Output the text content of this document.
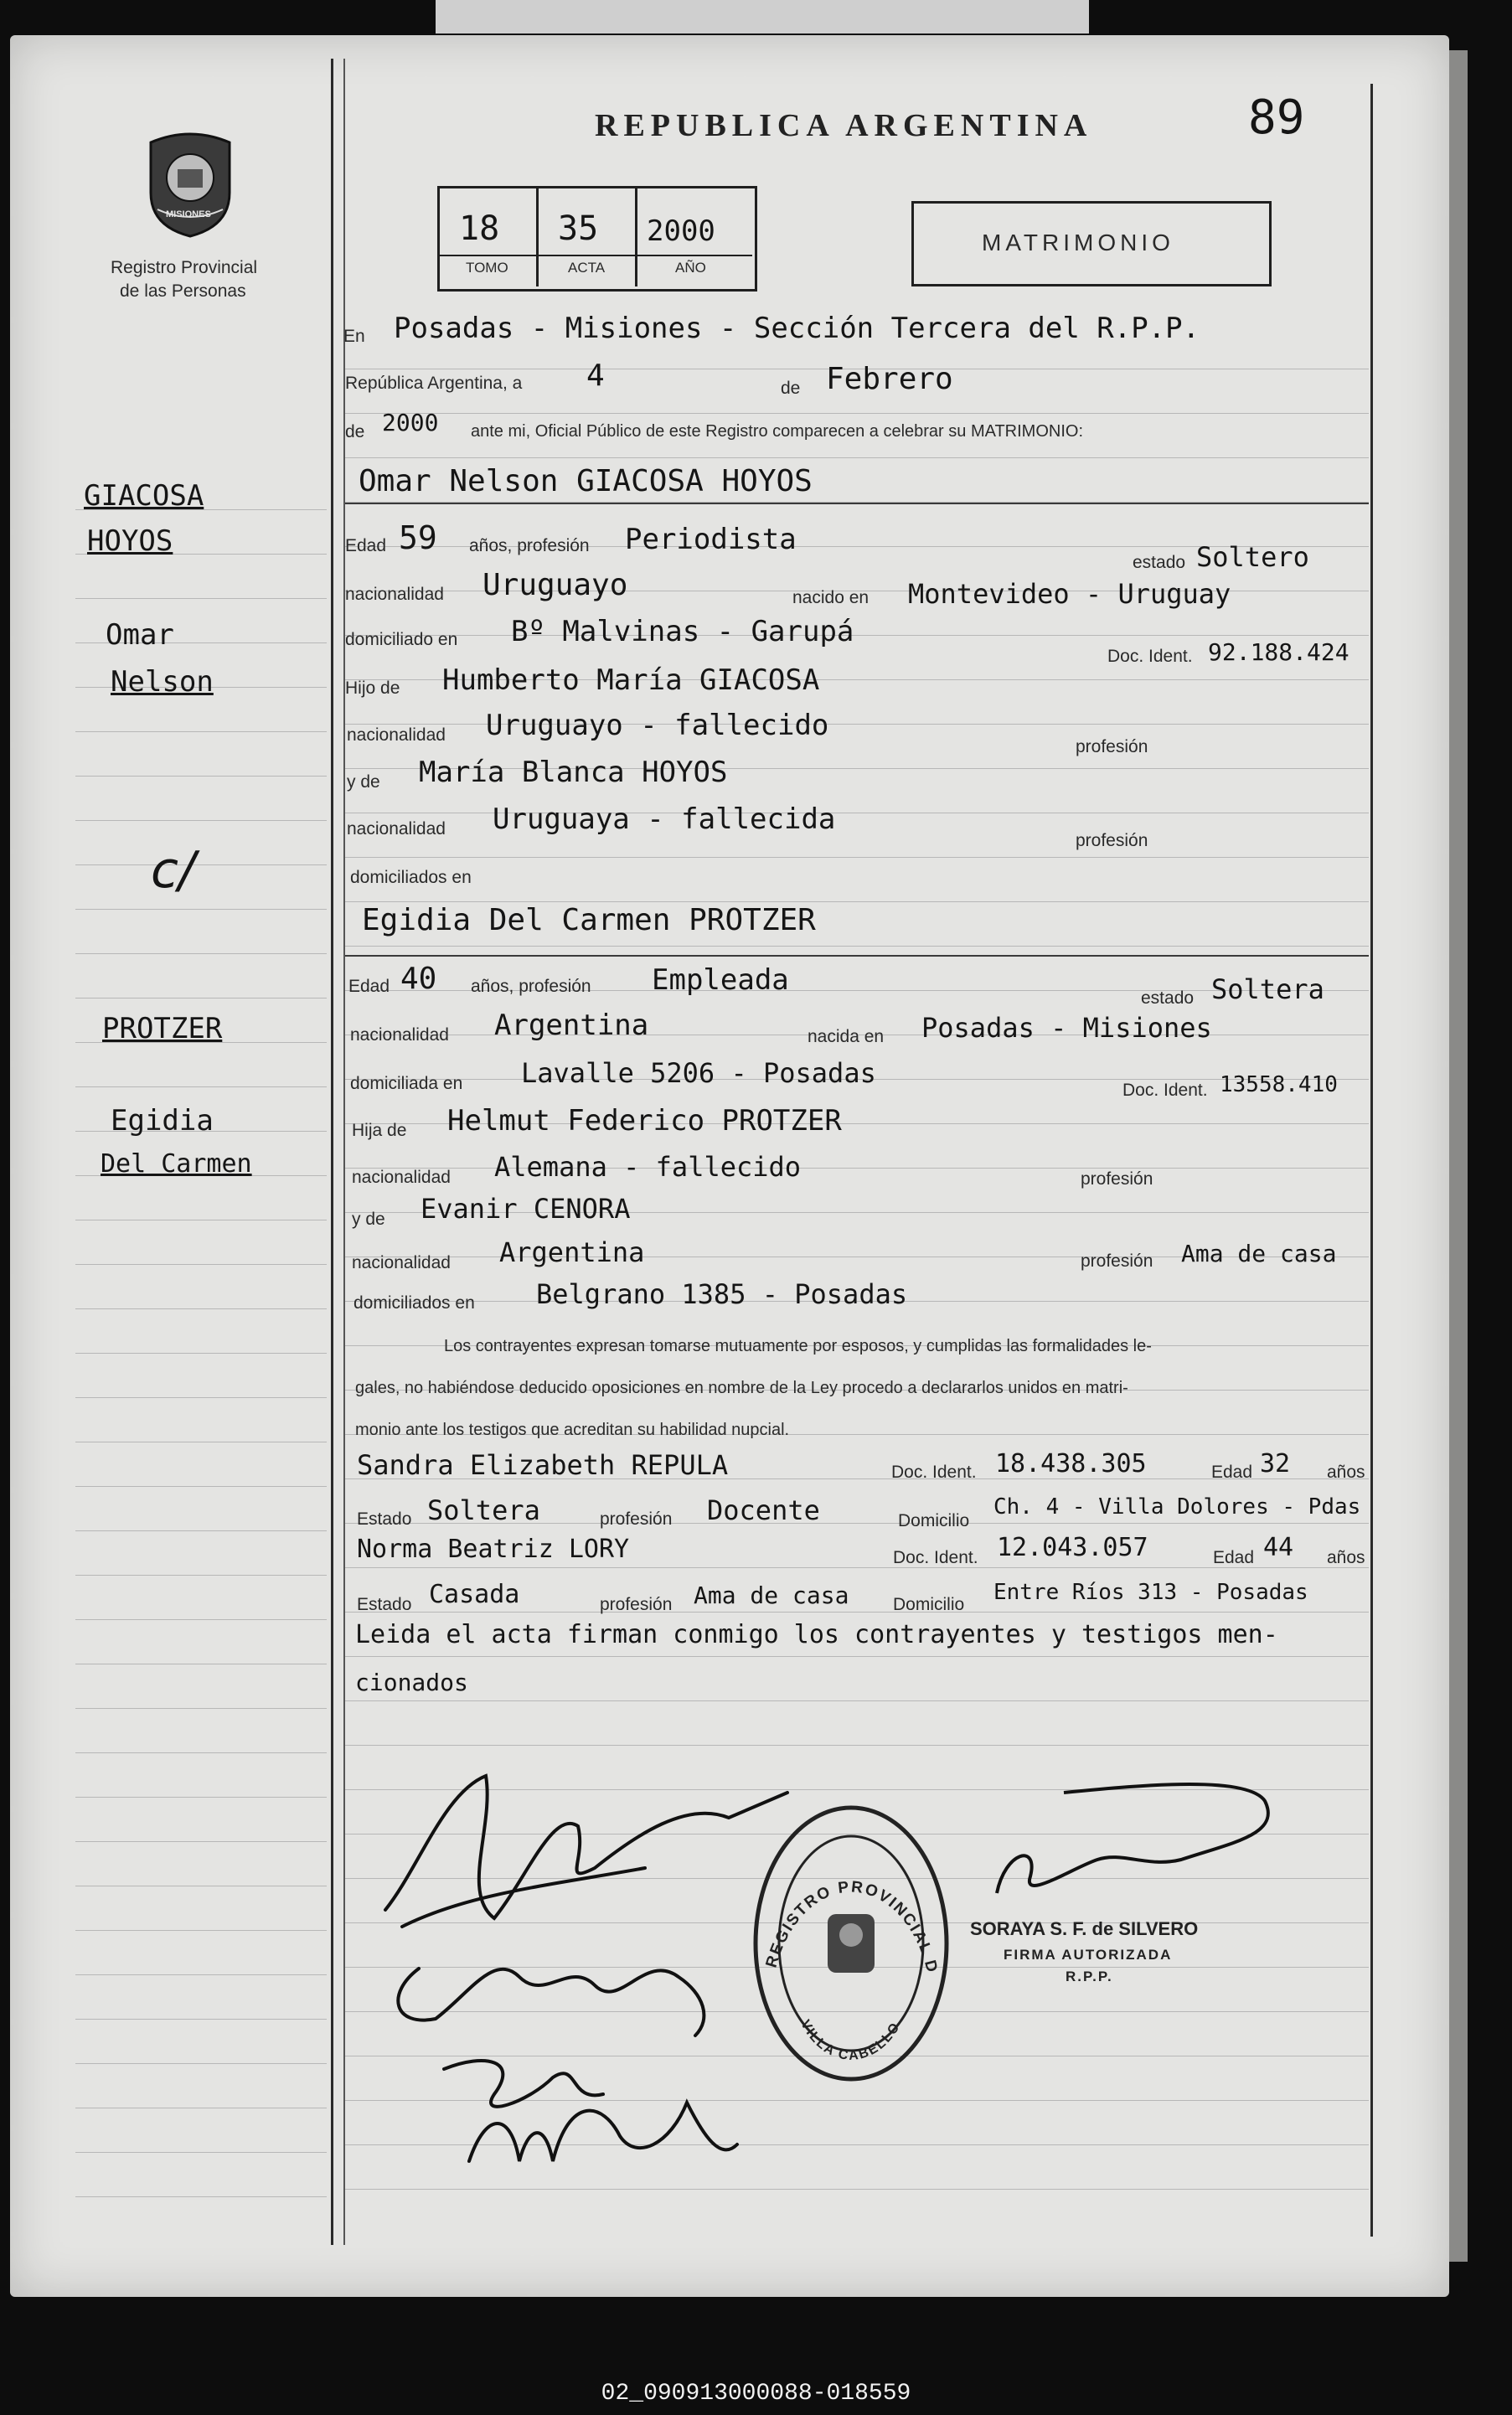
MISIONES
Registro Provincial
de las Personas
REPUBLICA ARGENTINA	89
18 35 2000
TOMO	ACTA	AÑO
MATRIMONIO
En Posadas - Misiones - Sección Tercera del R.P.P.
República Argentina, a 4	de Febrero
de 2000 ante mi, Oficial Público de este Registro comparecen a celebrar su MATRIMONIO:
Omar Nelson GIACOSA HOYOS
Edad 59 años, profesión Periodista
estado Soltero
nacionalidad Uruguayo	nacido en Montevideo - Uruguay
domiciliado en Bº Malvinas - Garupá
Doc. Ident. 92.188.424
Hijo de Humberto María GIACOSA
nacionalidad Uruguayo - fallecido
profesión
y de María Blanca HOYOS
nacionalidad Uruguaya - fallecida
profesión
domiciliados en
Egidia Del Carmen PROTZER
Edad 40 años, profesión Empleada
estado Soltera
nacionalidad Argentina	nacida en Posadas - Misiones
domiciliada en Lavalle 5206 - Posadas
Doc. Ident. 13558.410
Hija de Helmut Federico PROTZER
nacionalidad Alemana - fallecido	profesión
y de Evanir CENORA
nacionalidad Argentina	profesión Ama de casa
domiciliados en Belgrano 1385 - Posadas
Los contrayentes expresan tomarse mutuamente por esposos, y cumplidas las formalidades le-
gales, no habiéndose deducido oposiciones en nombre de la Ley procedo a declararlos unidos en matri-
monio ante los testigos que acreditan su habilidad nupcial.
Sandra Elizabeth REPULA	Doc. Ident. 18.438.305	Edad 32 años
Estado Soltera	profesión Docente	Domicilio
Ch. 4 - Villa Dolores - Pdas
Norma Beatriz LORY	Doc. Ident. 12.043.057	Edad 44 años
Estado Casada	profesión Ama de casa	Domicilio Entre Ríos 313 - Posadas
Leida el acta firman conmigo los contrayentes y testigos men-
cionados
GIACOSA
HOYOS
Omar
Nelson
c/
PROTZER
Egidia
Del Carmen
REGISTRO PROVINCIAL D
VILLA CABELLO
SORAYA S. F. de SILVERO
FIRMA AUTORIZADA
R.P.P.
02_090913000088-018559
